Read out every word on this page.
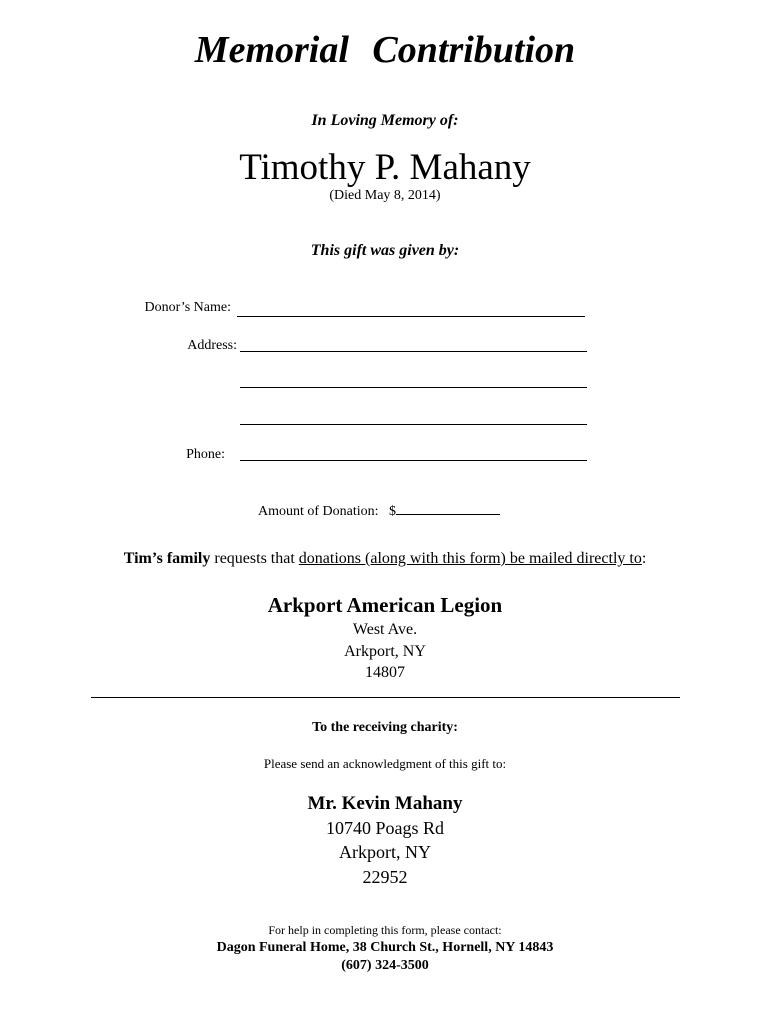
Memorial Contribution
In Loving Memory of:
Timothy P. Mahany
(Died May 8, 2014)
This gift was given by:
Donor’s Name:
Address:
Phone:
Amount of Donation: $
Tim’s family requests that donations (along with this form) be mailed directly to:
Arkport American Legion
West Ave.
Arkport, NY
14807
To the receiving charity:
Please send an acknowledgment of this gift to:
Mr. Kevin Mahany
10740 Poags Rd
Arkport, NY
22952
For help in completing this form, please contact:
Dagon Funeral Home, 38 Church St., Hornell, NY 14843
(607) 324-3500
